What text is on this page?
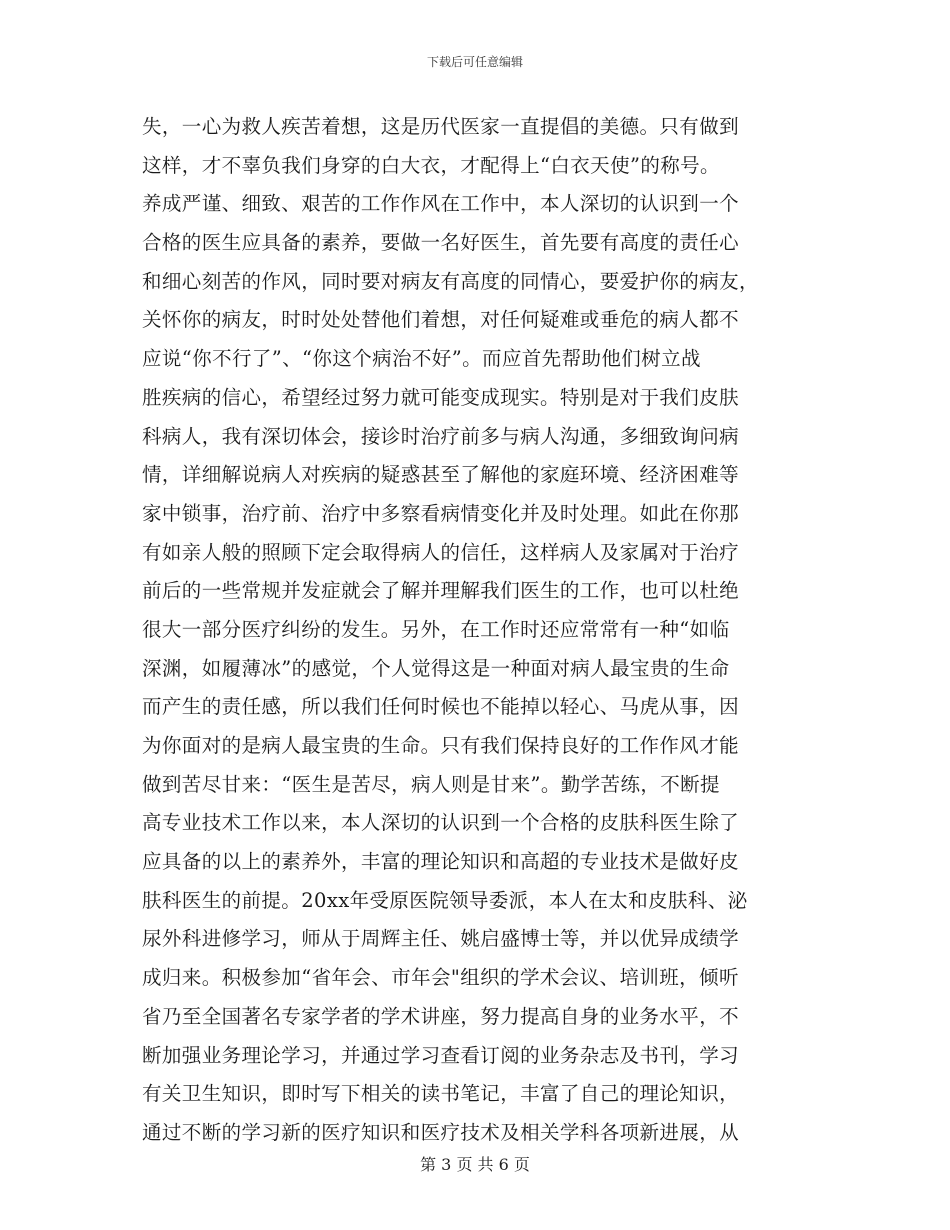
下载后可任意编辑
失，一心为救人疾苦着想，这是历代医家一直提倡的美德。只有做到
这样，才不辜负我们身穿的白大衣，才配得上“白衣天使”的称号。
养成严谨、细致、艰苦的工作作风在工作中，本人深切的认识到一个
合格的医生应具备的素养，要做一名好医生，首先要有高度的责任心
和细心刻苦的作风，同时要对病友有高度的同情心，要爱护你的病友，
关怀你的病友，时时处处替他们着想，对任何疑难或垂危的病人都不
应说“你不行了”、“你这个病治不好”。而应首先帮助他们树立战
胜疾病的信心，希望经过努力就可能变成现实。特别是对于我们皮肤
科病人，我有深切体会，接诊时治疗前多与病人沟通，多细致询问病
情，详细解说病人对疾病的疑惑甚至了解他的家庭环境、经济困难等
家中锁事，治疗前、治疗中多察看病情变化并及时处理。如此在你那
有如亲人般的照顾下定会取得病人的信任，这样病人及家属对于治疗
前后的一些常规并发症就会了解并理解我们医生的工作，也可以杜绝
很大一部分医疗纠纷的发生。另外，在工作时还应常常有一种“如临
深渊，如履薄冰”的感觉，个人觉得这是一种面对病人最宝贵的生命
而产生的责任感，所以我们任何时候也不能掉以轻心、马虎从事，因
为你面对的是病人最宝贵的生命。只有我们保持良好的工作作风才能
做到苦尽甘来：“医生是苦尽，病人则是甘来”。勤学苦练，不断提
高专业技术工作以来，本人深切的认识到一个合格的皮肤科医生除了
应具备的以上的素养外，丰富的理论知识和高超的专业技术是做好皮
肤科医生的前提。20xx年受原医院领导委派，本人在太和皮肤科、泌
尿外科进修学习，师从于周辉主任、姚启盛博士等，并以优异成绩学
成归来。积极参加“省年会、市年会"组织的学术会议、培训班，倾听
省乃至全国著名专家学者的学术讲座，努力提高自身的业务水平，不
断加强业务理论学习，并通过学习查看订阅的业务杂志及书刊，学习
有关卫生知识，即时写下相关的读书笔记，丰富了自己的理论知识，
通过不断的学习新的医疗知识和医疗技术及相关学科各项新进展，从
第 3 页 共 6 页
